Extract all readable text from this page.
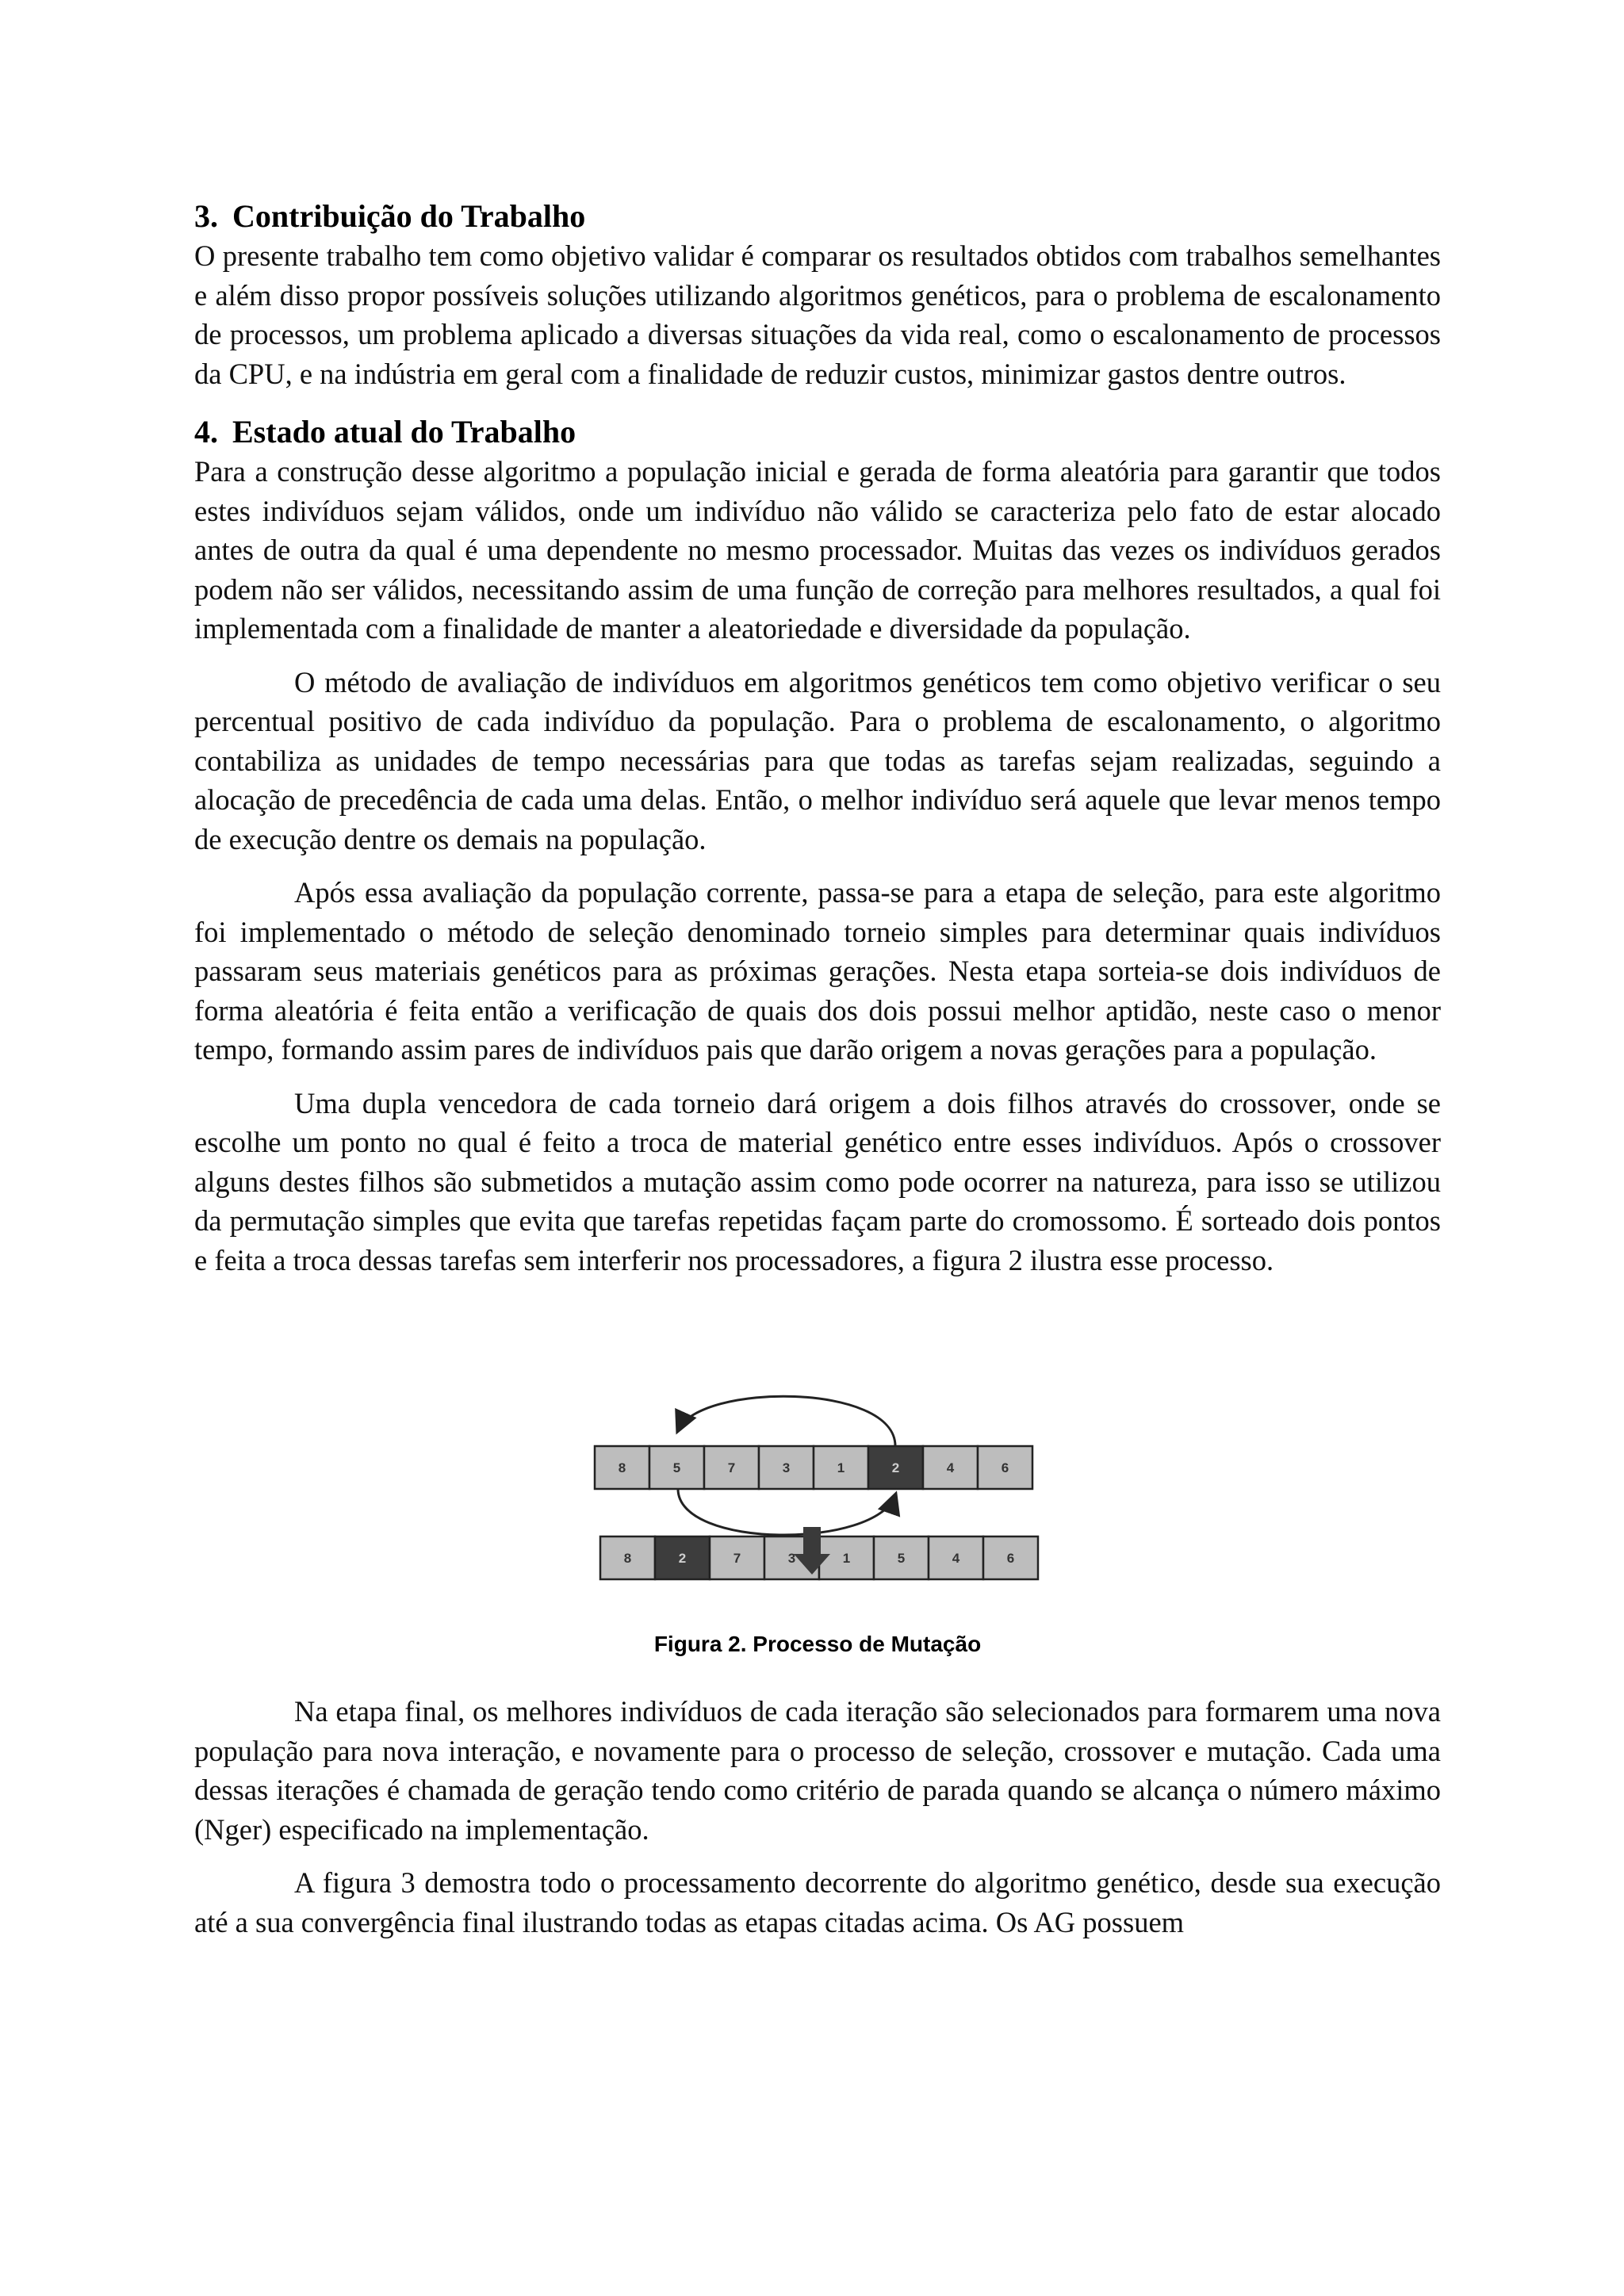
3. Contribuição do Trabalho

O presente trabalho tem como objetivo validar é comparar os resultados obtidos com trabalhos semelhantes e além disso propor possíveis soluções utilizando algoritmos genéticos, para o problema de escalonamento de processos, um problema aplicado a diversas situações da vida real, como o escalonamento de processos da CPU, e na indústria em geral com a finalidade de reduzir custos, minimizar gastos dentre outros.

4. Estado atual do Trabalho

Para a construção desse algoritmo a população inicial e gerada de forma aleatória para garantir que todos estes indivíduos sejam válidos, onde um indivíduo não válido se caracteriza pelo fato de estar alocado antes de outra da qual é uma dependente no mesmo processador. Muitas das vezes os indivíduos gerados podem não ser válidos, necessitando assim de uma função de correção para melhores resultados, a qual foi implementada com a finalidade de manter a aleatoriedade e diversidade da população.

O método de avaliação de indivíduos em algoritmos genéticos tem como objetivo verificar o seu percentual positivo de cada indivíduo da população. Para o problema de escalonamento, o algoritmo contabiliza as unidades de tempo necessárias para que todas as tarefas sejam realizadas, seguindo a alocação de precedência de cada uma delas. Então, o melhor indivíduo será aquele que levar menos tempo de execução dentre os demais na população.

Após essa avaliação da população corrente, passa-se para a etapa de seleção, para este algoritmo foi implementado o método de seleção denominado torneio simples para determinar quais indivíduos passaram seus materiais genéticos para as próximas gerações. Nesta etapa sorteia-se dois indivíduos de forma aleatória é feita então a verificação de quais dos dois possui melhor aptidão, neste caso o menor tempo, formando assim pares de indivíduos pais que darão origem a novas gerações para a população.

Uma dupla vencedora de cada torneio dará origem a dois filhos através do crossover, onde se escolhe um ponto no qual é feito a troca de material genético entre esses indivíduos. Após o crossover alguns destes filhos são submetidos a mutação assim como pode ocorrer na natureza, para isso se utilizou da permutação simples que evita que tarefas repetidas façam parte do cromossomo. É sorteado dois pontos e feita a troca dessas tarefas sem interferir nos processadores, a figura 2 ilustra esse processo.

8	5	7	3	1	2	4	6
8	2	7	3	1	5	4	6
Figura 2. Processo de Mutação

Na etapa final, os melhores indivíduos de cada iteração são selecionados para formarem uma nova população para nova interação, e novamente para o processo de seleção, crossover e mutação. Cada uma dessas iterações é chamada de geração tendo como critério de parada quando se alcança o número máximo (Nger) especificado na implementação.

A figura 3 demostra todo o processamento decorrente do algoritmo genético, desde sua execução até a sua convergência final ilustrando todas as etapas citadas acima. Os AG possuem
